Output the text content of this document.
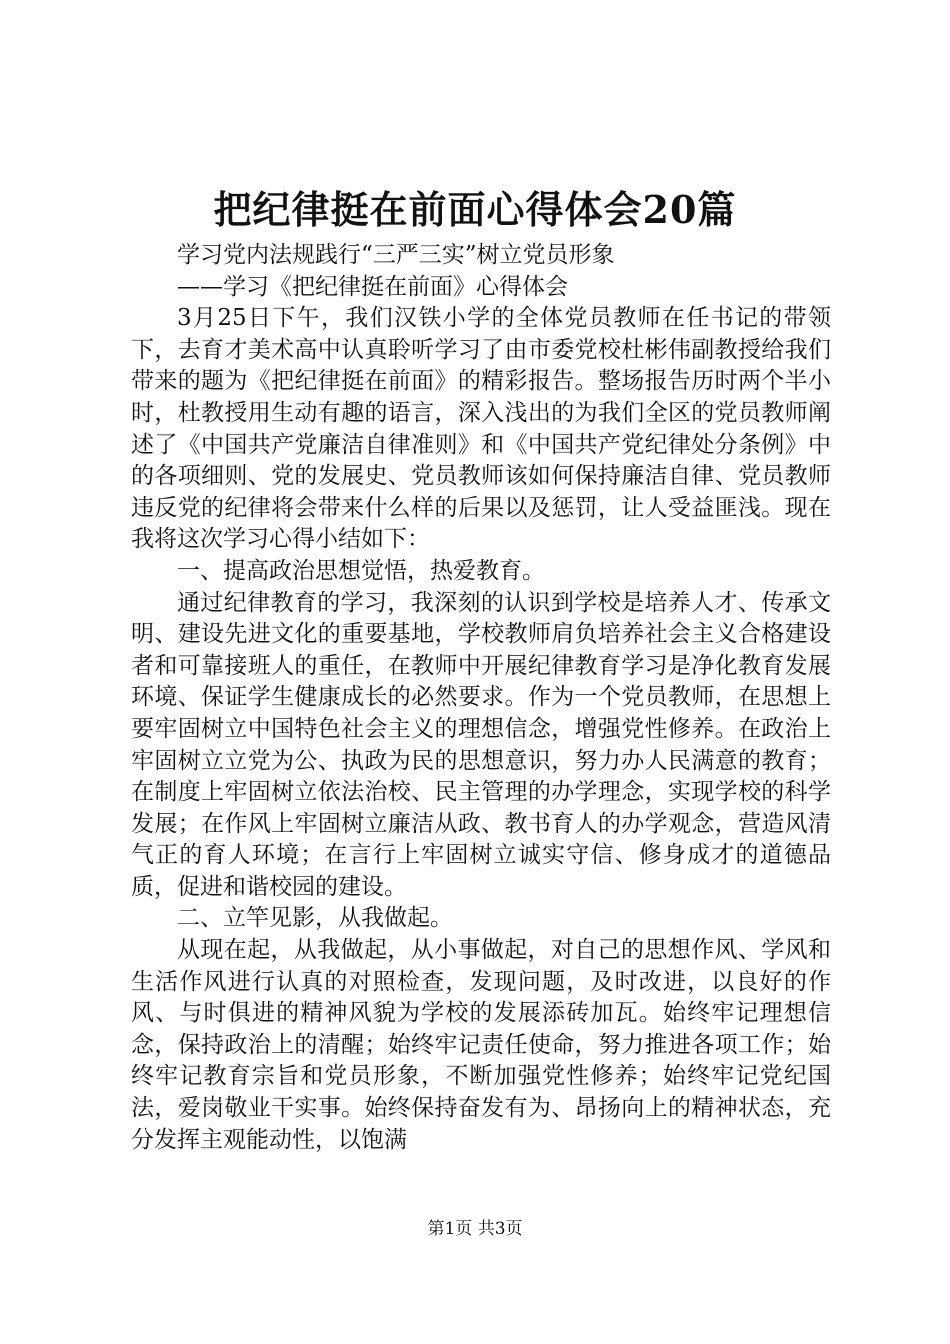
把纪律挺在前面心得体会20篇

学习党内法规践行“三严三实”树立党员形象

——学习《把纪律挺在前面》心得体会

3月25日下午，我们汉铁小学的全体党员教师在任书记的带领下，去育才美术高中认真聆听学习了由市委党校杜彬伟副教授给我们带来的题为《把纪律挺在前面》的精彩报告。整场报告历时两个半小时，杜教授用生动有趣的语言，深入浅出的为我们全区的党员教师阐述了《中国共产党廉洁自律准则》和《中国共产党纪律处分条例》中的各项细则、党的发展史、党员教师该如何保持廉洁自律、党员教师违反党的纪律将会带来什么样的后果以及惩罚，让人受益匪浅。现在我将这次学习心得小结如下：

一、提高政治思想觉悟，热爱教育。

通过纪律教育的学习，我深刻的认识到学校是培养人才、传承文明、建设先进文化的重要基地，学校教师肩负培养社会主义合格建设者和可靠接班人的重任，在教师中开展纪律教育学习是净化教育发展环境、保证学生健康成长的必然要求。作为一个党员教师，在思想上要牢固树立中国特色社会主义的理想信念，增强党性修养。在政治上牢固树立立党为公、执政为民的思想意识，努力办人民满意的教育；在制度上牢固树立依法治校、民主管理的办学理念，实现学校的科学发展；在作风上牢固树立廉洁从政、教书育人的办学观念，营造风清气正的育人环境；在言行上牢固树立诚实守信、修身成才的道德品质，促进和谐校园的建设。

二、立竿见影，从我做起。

从现在起，从我做起，从小事做起，对自己的思想作风、学风和生活作风进行认真的对照检查，发现问题，及时改进，以良好的作风、与时俱进的精神风貌为学校的发展添砖加瓦。始终牢记理想信念，保持政治上的清醒；始终牢记责任使命，努力推进各项工作；始终牢记教育宗旨和党员形象，不断加强党性修养；始终牢记党纪国法，爱岗敬业干实事。始终保持奋发有为、昂扬向上的精神状态，充分发挥主观能动性，以饱满

第1页 共3页
